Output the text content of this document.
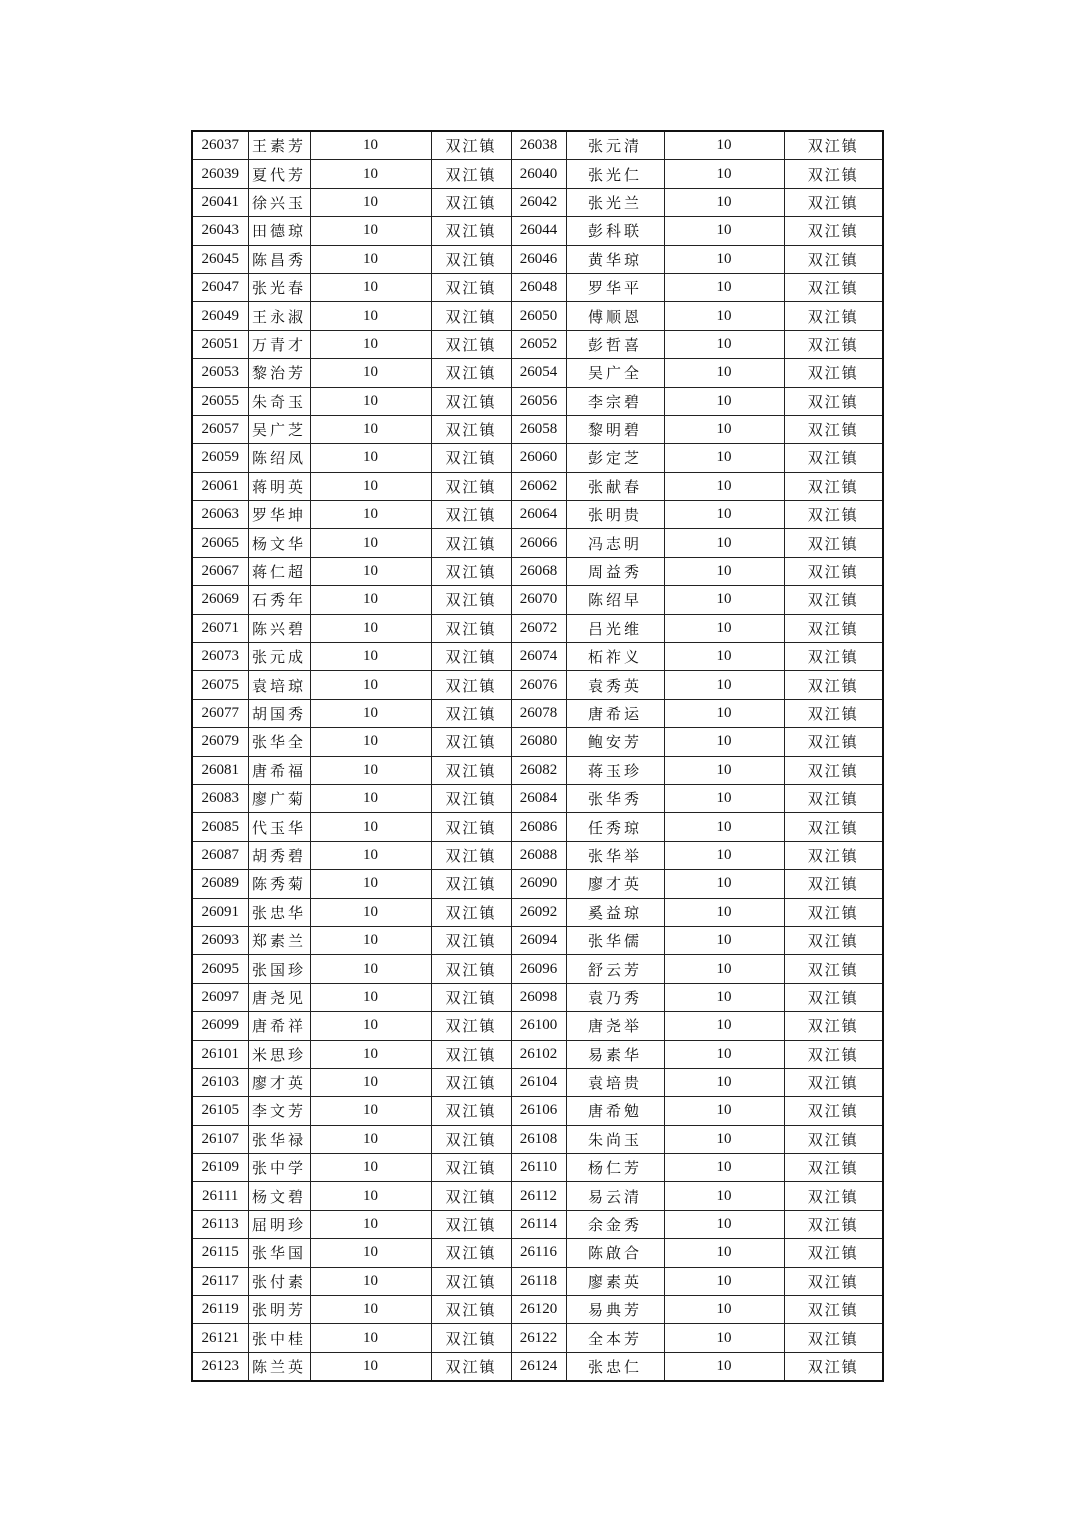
26037	王素芳	10	双江镇	26038	张元清	10	双江镇
26039	夏代芳	10	双江镇	26040	张光仁	10	双江镇
26041	徐兴玉	10	双江镇	26042	张光兰	10	双江镇
26043	田德琼	10	双江镇	26044	彭科联	10	双江镇
26045	陈昌秀	10	双江镇	26046	黄华琼	10	双江镇
26047	张光春	10	双江镇	26048	罗华平	10	双江镇
26049	王永淑	10	双江镇	26050	傅顺恩	10	双江镇
26051	万青才	10	双江镇	26052	彭哲喜	10	双江镇
26053	黎治芳	10	双江镇	26054	吴广全	10	双江镇
26055	朱奇玉	10	双江镇	26056	李宗碧	10	双江镇
26057	吴广芝	10	双江镇	26058	黎明碧	10	双江镇
26059	陈绍凤	10	双江镇	26060	彭定芝	10	双江镇
26061	蒋明英	10	双江镇	26062	张献春	10	双江镇
26063	罗华坤	10	双江镇	26064	张明贵	10	双江镇
26065	杨文华	10	双江镇	26066	冯志明	10	双江镇
26067	蒋仁超	10	双江镇	26068	周益秀	10	双江镇
26069	石秀年	10	双江镇	26070	陈绍早	10	双江镇
26071	陈兴碧	10	双江镇	26072	吕光维	10	双江镇
26073	张元成	10	双江镇	26074	柘祚义	10	双江镇
26075	袁培琼	10	双江镇	26076	袁秀英	10	双江镇
26077	胡国秀	10	双江镇	26078	唐希运	10	双江镇
26079	张华全	10	双江镇	26080	鲍安芳	10	双江镇
26081	唐希福	10	双江镇	26082	蒋玉珍	10	双江镇
26083	廖广菊	10	双江镇	26084	张华秀	10	双江镇
26085	代玉华	10	双江镇	26086	任秀琼	10	双江镇
26087	胡秀碧	10	双江镇	26088	张华举	10	双江镇
26089	陈秀菊	10	双江镇	26090	廖才英	10	双江镇
26091	张忠华	10	双江镇	26092	奚益琼	10	双江镇
26093	郑素兰	10	双江镇	26094	张华儒	10	双江镇
26095	张国珍	10	双江镇	26096	舒云芳	10	双江镇
26097	唐尧见	10	双江镇	26098	袁乃秀	10	双江镇
26099	唐希祥	10	双江镇	26100	唐尧举	10	双江镇
26101	米思珍	10	双江镇	26102	易素华	10	双江镇
26103	廖才英	10	双江镇	26104	袁培贵	10	双江镇
26105	李文芳	10	双江镇	26106	唐希勉	10	双江镇
26107	张华禄	10	双江镇	26108	朱尚玉	10	双江镇
26109	张中学	10	双江镇	26110	杨仁芳	10	双江镇
26111	杨文碧	10	双江镇	26112	易云清	10	双江镇
26113	屈明珍	10	双江镇	26114	余金秀	10	双江镇
26115	张华国	10	双江镇	26116	陈啟合	10	双江镇
26117	张付素	10	双江镇	26118	廖素英	10	双江镇
26119	张明芳	10	双江镇	26120	易典芳	10	双江镇
26121	张中桂	10	双江镇	26122	全本芳	10	双江镇
26123	陈兰英	10	双江镇	26124	张忠仁	10	双江镇
